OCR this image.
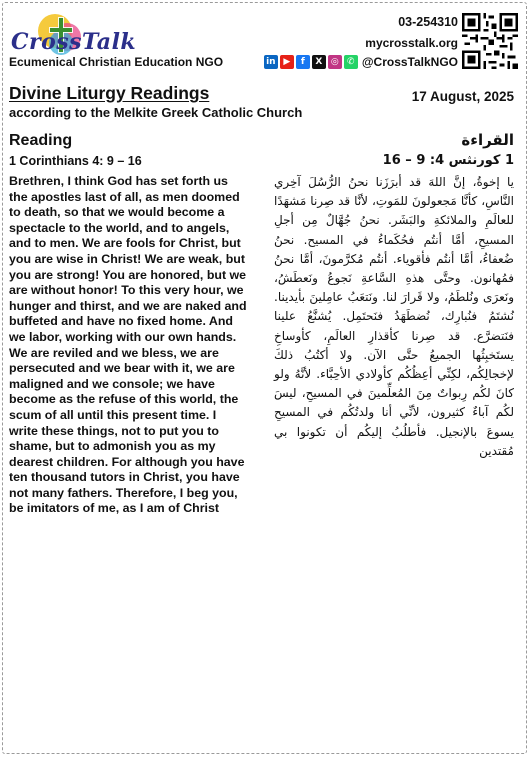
CrossTalk
Ecumenical Christian Education NGO
03-254310
mycrosstalk.org
in ▶	f	X ◎ ✆ @CrossTalkNGO
Divine Liturgy Readings	17 August, 2025
according to the Melkite Greek Catholic Church
Reading
1 Corinthians 4: 9 – 16
القراءة
1 كورنثس 4: 9 – 16

Brethren, I think God has set forth us the apostles last of all, as men doomed to death, so that we would become a spectacle to the world, and to angels, and to men. We are fools for Christ, but you are wise in Christ! We are weak, but you are strong! You are honored, but we are without honor! To this very hour, we hunger and thirst, and we are naked and buffeted and have no fixed home. And we labor, working with our own hands. We are reviled and we bless, we are persecuted and we bear with it, we are maligned and we console; we have become as the refuse of this world, the scum of all until this present time. I write these things, not to put you to shame, but to admonish you as my dearest children. For although you have ten thousand tutors in Christ, you have not many fathers. Therefore, I beg you, be imitators of me, as I am of Christ

يا إخوةُ، إنَّ اللهَ قد أبرَزَنا نحنُ الرُّسُلَ آخِري النَّاسِ، كأنَّا مَجعولونَ للمَوتِ، لأنَّا قد صِرنا مَشهَدًا للعالَمِ والملائكةِ والبَشَر. نحنُ جُهَّالٌ مِن أجلِ المسيحِ، أمَّا أنتُم فحُكَماءُ في المسيح. نحنُ ضُعفاءُ، أمَّا أنتُم فأقوياء. أنتُم مُكرَّمونَ، أمَّا نحنُ فمُهانون. وحتَّى هذهِ السَّاعةِ نَجوعُ ونَعطَشُ، ونَعرَى ونُلطَمُ، ولا قَرارَ لنا. ونَتعَبُ عامِلينَ بأيدينا. نُشتَمُ فنُبارِك، نُضطَهَدُ فنَحتَمِل. يُشنَّعُ علينا فنَتضرَّع. قد صِرنا كأقذارِ العالَمِ، كأوساخِ يستَخبِثُها الجميعُ حتَّى الآن. ولا أكتُبُ ذلكَ لإخجالِكُم، لكِنِّي أعِظُكُم كأولادي الأحِبَّاء. لأنَّهُ ولو كانَ لكُم رِبواتٌ مِنَ المُعلِّمينَ في المسيحِ، ليسَ لكُم آباءٌ كثيرون، لأنِّي أنا ولدتُكُم في المسيحِ يسوعَ بالإنجيل. فأطلُبُ إليكُم أن تكونوا بي مُقتدين
